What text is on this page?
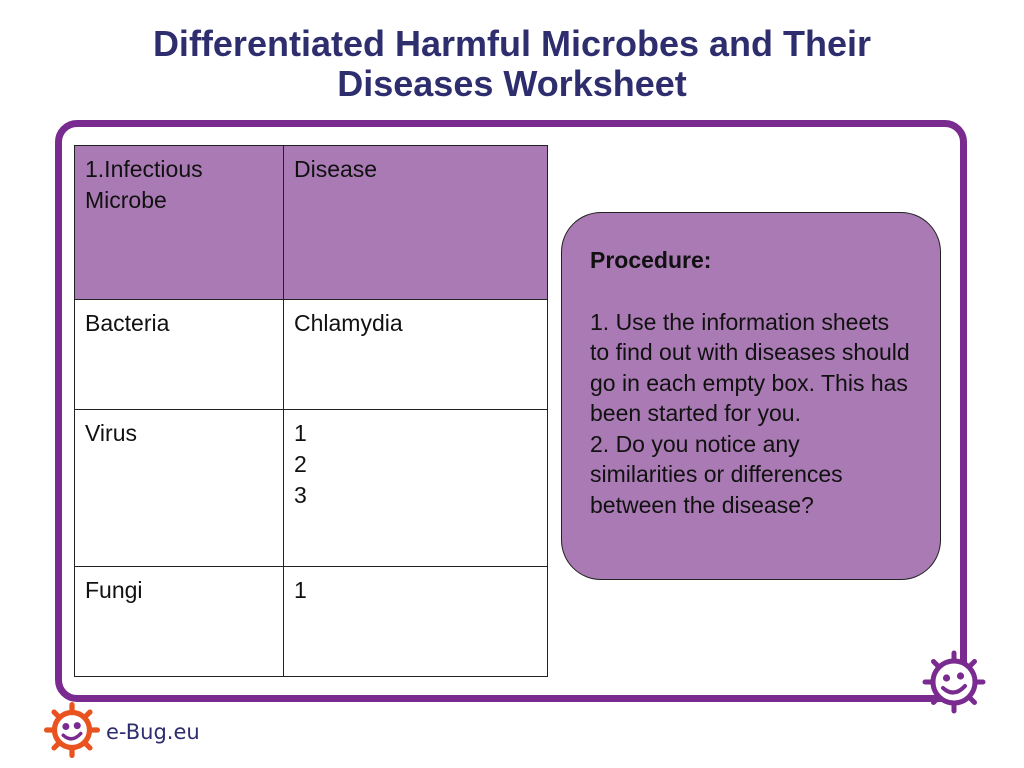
Differentiated Harmful Microbes and Their
Diseases Worksheet
1.Infectious
Microbe	Disease
Bacteria	Chlamydia

Virus	1
2
3

Fungi	1
Procedure:
1. Use the information sheets to find out with diseases should go in each empty box. This has been started for you.
2. Do you notice any similarities or differences between the disease?
e-Bug.eu
